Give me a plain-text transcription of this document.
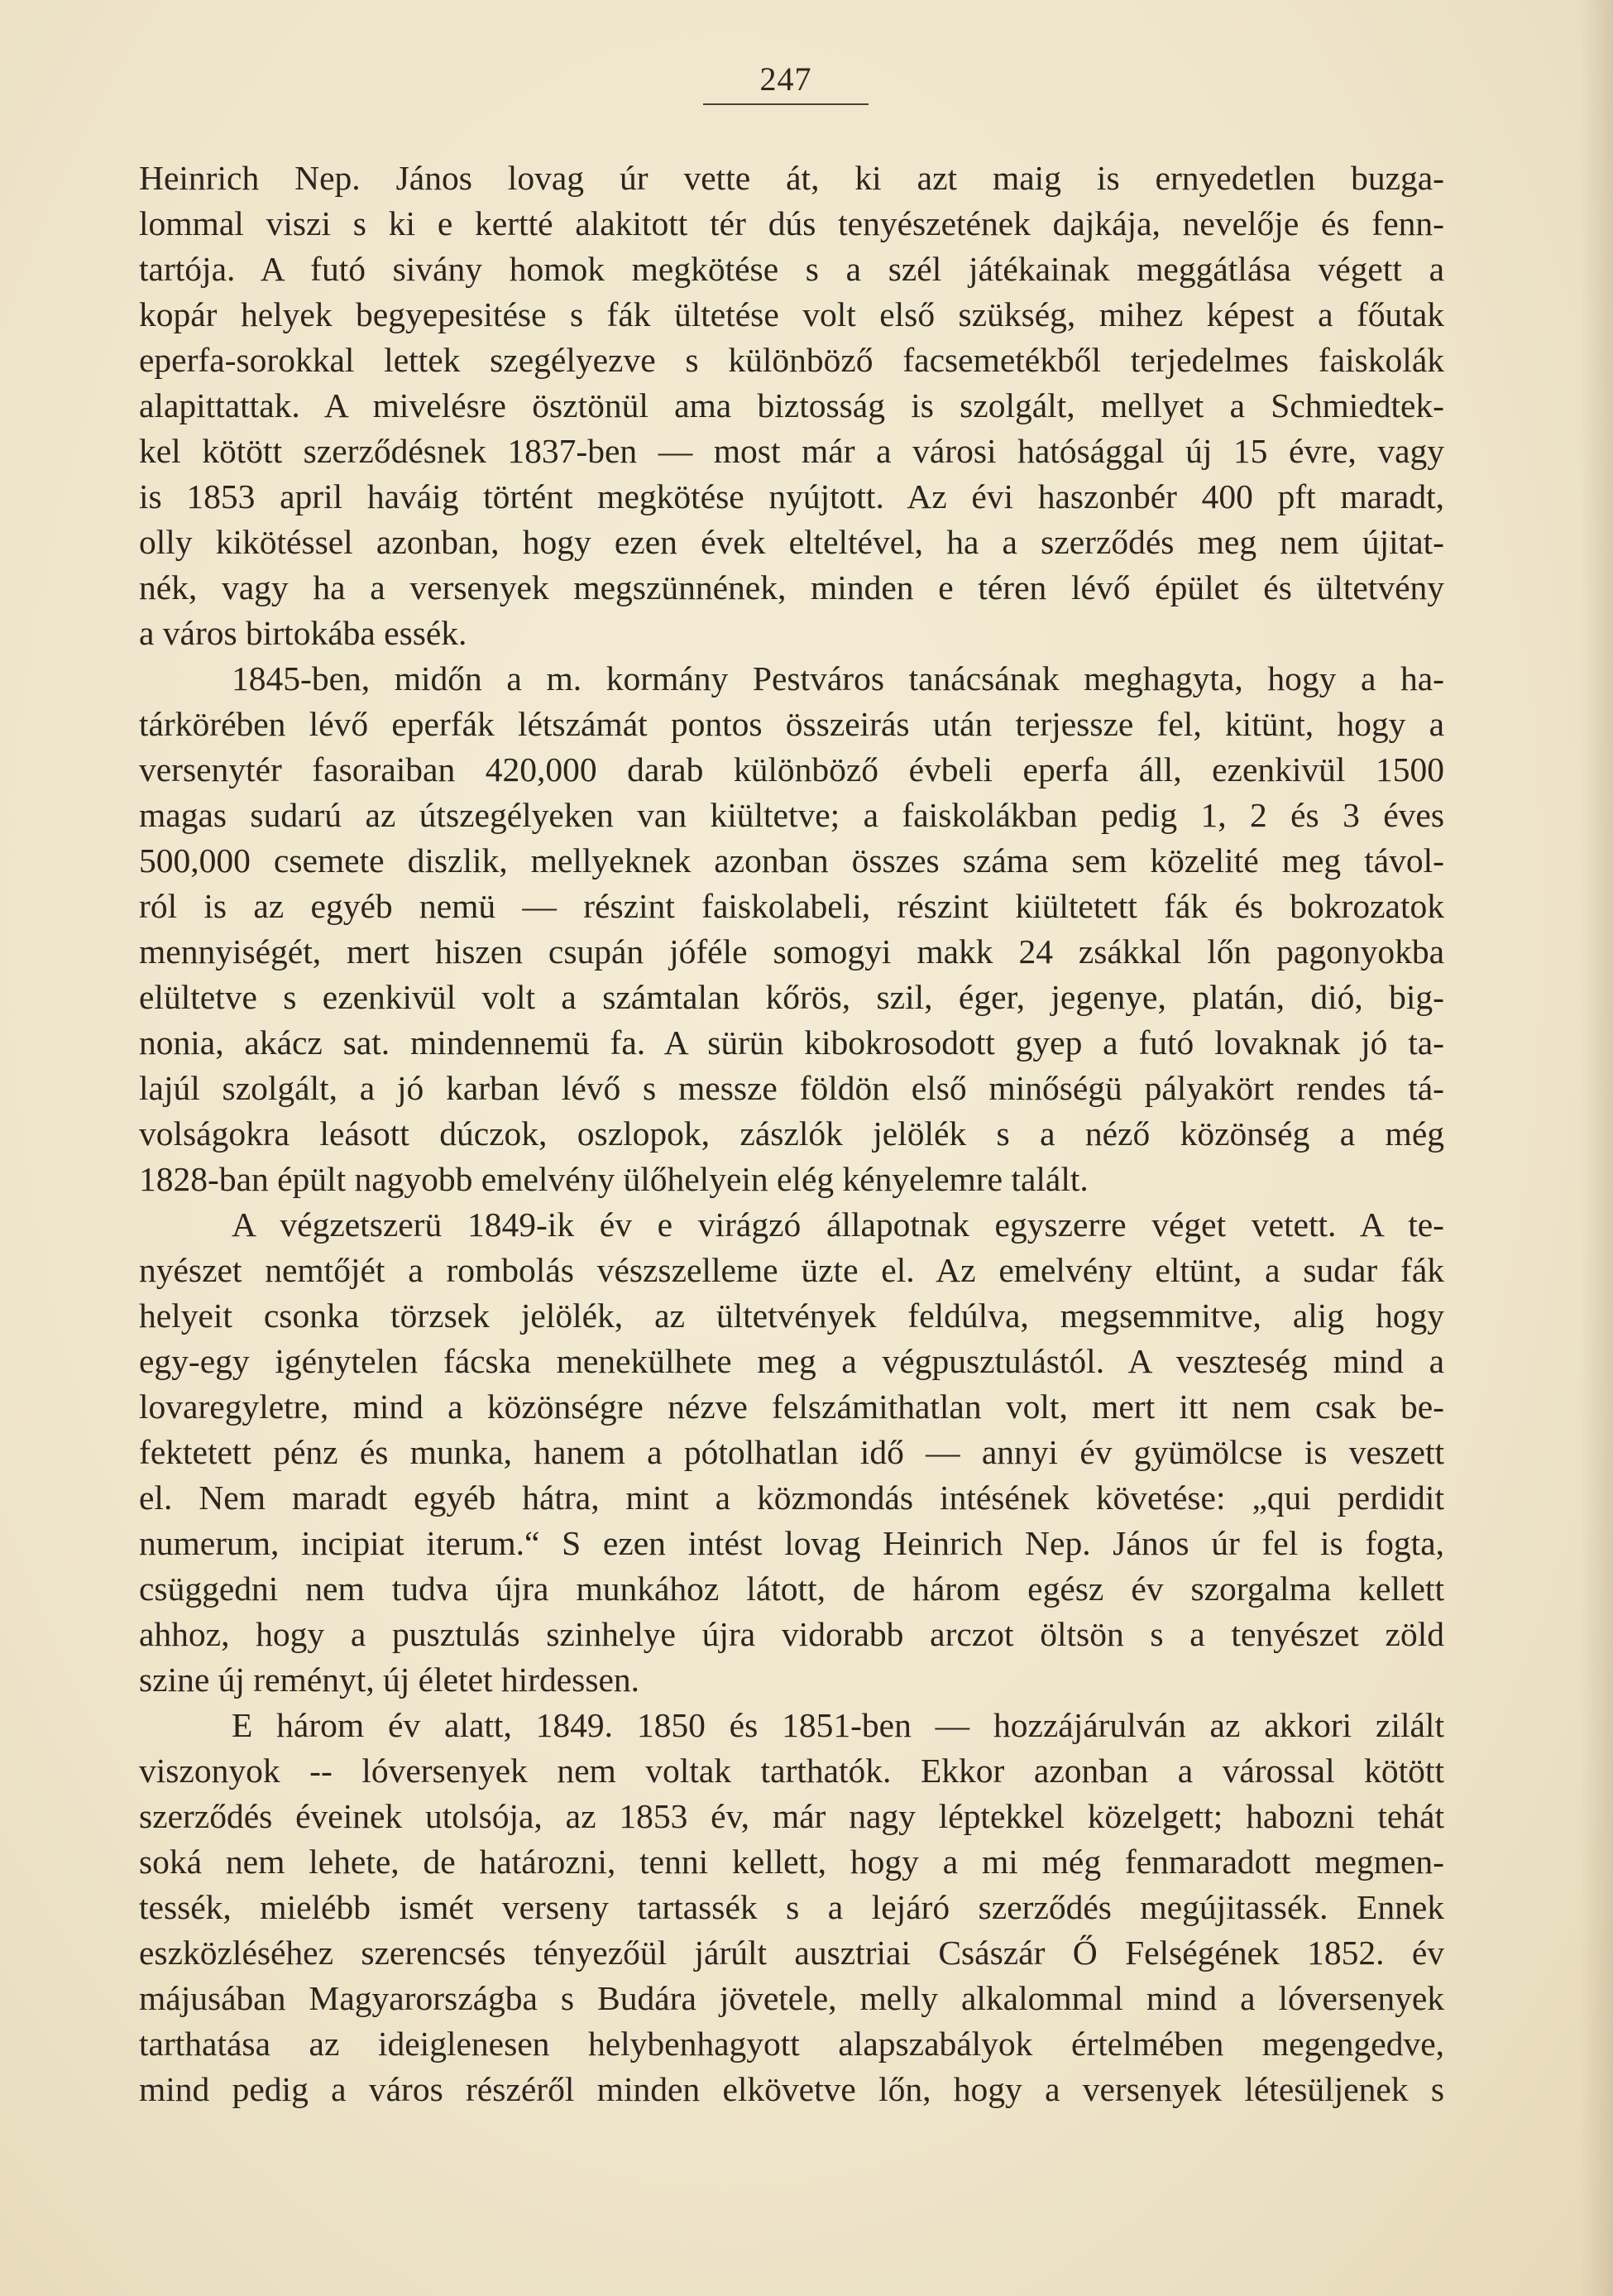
247
Heinrich Nep. János lovag úr vette át, ki azt maig is ernyedetlen buzga-
lommal viszi s ki e kertté alakitott tér dús tenyészetének dajkája, nevelője és fenn-
tartója. A futó sivány homok megkötése s a szél játékainak meggátlása végett a
kopár helyek begyepesitése s fák ültetése volt első szükség, mihez képest a főutak
eperfa-sorokkal lettek szegélyezve s különböző facsemetékből terjedelmes faiskolák
alapittattak. A mivelésre ösztönül ama biztosság is szolgált, mellyet a Schmiedtek-
kel kötött szerződésnek 1837-ben — most már a városi hatósággal új 15 évre, vagy
is 1853 april haváig történt megkötése nyújtott. Az évi haszonbér 400 pft maradt,
olly kikötéssel azonban, hogy ezen évek elteltével, ha a szerződés meg nem újitat-
nék, vagy ha a versenyek megszünnének, minden e téren lévő épület és ültetvény
a város birtokába essék.
1845-ben, midőn a m. kormány Pestváros tanácsának meghagyta, hogy a ha-
tárkörében lévő eperfák létszámát pontos összeirás után terjessze fel, kitünt, hogy a
versenytér fasoraiban 420,000 darab különböző évbeli eperfa áll, ezenkivül 1500
magas sudarú az útszegélyeken van kiültetve; a faiskolákban pedig 1, 2 és 3 éves
500,000 csemete diszlik, mellyeknek azonban összes száma sem közelité meg távol-
ról is az egyéb nemü — részint faiskolabeli, részint kiültetett fák és bokrozatok
mennyiségét, mert hiszen csupán jóféle somogyi makk 24 zsákkal lőn pagonyokba
elültetve s ezenkivül volt a számtalan kőrös, szil, éger, jegenye, platán, dió, big-
nonia, akácz sat. mindennemü fa. A sürün kibokrosodott gyep a futó lovaknak jó ta-
lajúl szolgált, a jó karban lévő s messze földön első minőségü pályakört rendes tá-
volságokra leásott dúczok, oszlopok, zászlók jelölék s a néző közönség a még
1828-ban épült nagyobb emelvény ülőhelyein elég kényelemre talált.
A végzetszerü 1849-ik év e virágzó állapotnak egyszerre véget vetett. A te-
nyészet nemtőjét a rombolás vészszelleme üzte el. Az emelvény eltünt, a sudar fák
helyeit csonka törzsek jelölék, az ültetvények feldúlva, megsemmitve, alig hogy
egy-egy igénytelen fácska menekülhete meg a végpusztulástól. A veszteség mind a
lovaregyletre, mind a közönségre nézve felszámithatlan volt, mert itt nem csak be-
fektetett pénz és munka, hanem a pótolhatlan idő — annyi év gyümölcse is veszett
el. Nem maradt egyéb hátra, mint a közmondás intésének követése: „qui perdidit
numerum, incipiat iterum.“ S ezen intést lovag Heinrich Nep. János úr fel is fogta,
csüggedni nem tudva újra munkához látott, de három egész év szorgalma kellett
ahhoz, hogy a pusztulás szinhelye újra vidorabb arczot öltsön s a tenyészet zöld
szine új reményt, új életet hirdessen.
E három év alatt, 1849. 1850 és 1851-ben — hozzájárulván az akkori zilált
viszonyok -- lóversenyek nem voltak tarthatók. Ekkor azonban a várossal kötött
szerződés éveinek utolsója, az 1853 év, már nagy léptekkel közelgett; habozni tehát
soká nem lehete, de határozni, tenni kellett, hogy a mi még fenmaradott megmen-
tessék, mielébb ismét verseny tartassék s a lejáró szerződés megújitassék. Ennek
eszközléséhez szerencsés tényezőül járúlt ausztriai Császár Ő Felségének 1852. év
májusában Magyarországba s Budára jövetele, melly alkalommal mind a lóversenyek
tarthatása az ideiglenesen helybenhagyott alapszabályok értelmében megengedve,
mind pedig a város részéről minden elkövetve lőn, hogy a versenyek létesüljenek s
